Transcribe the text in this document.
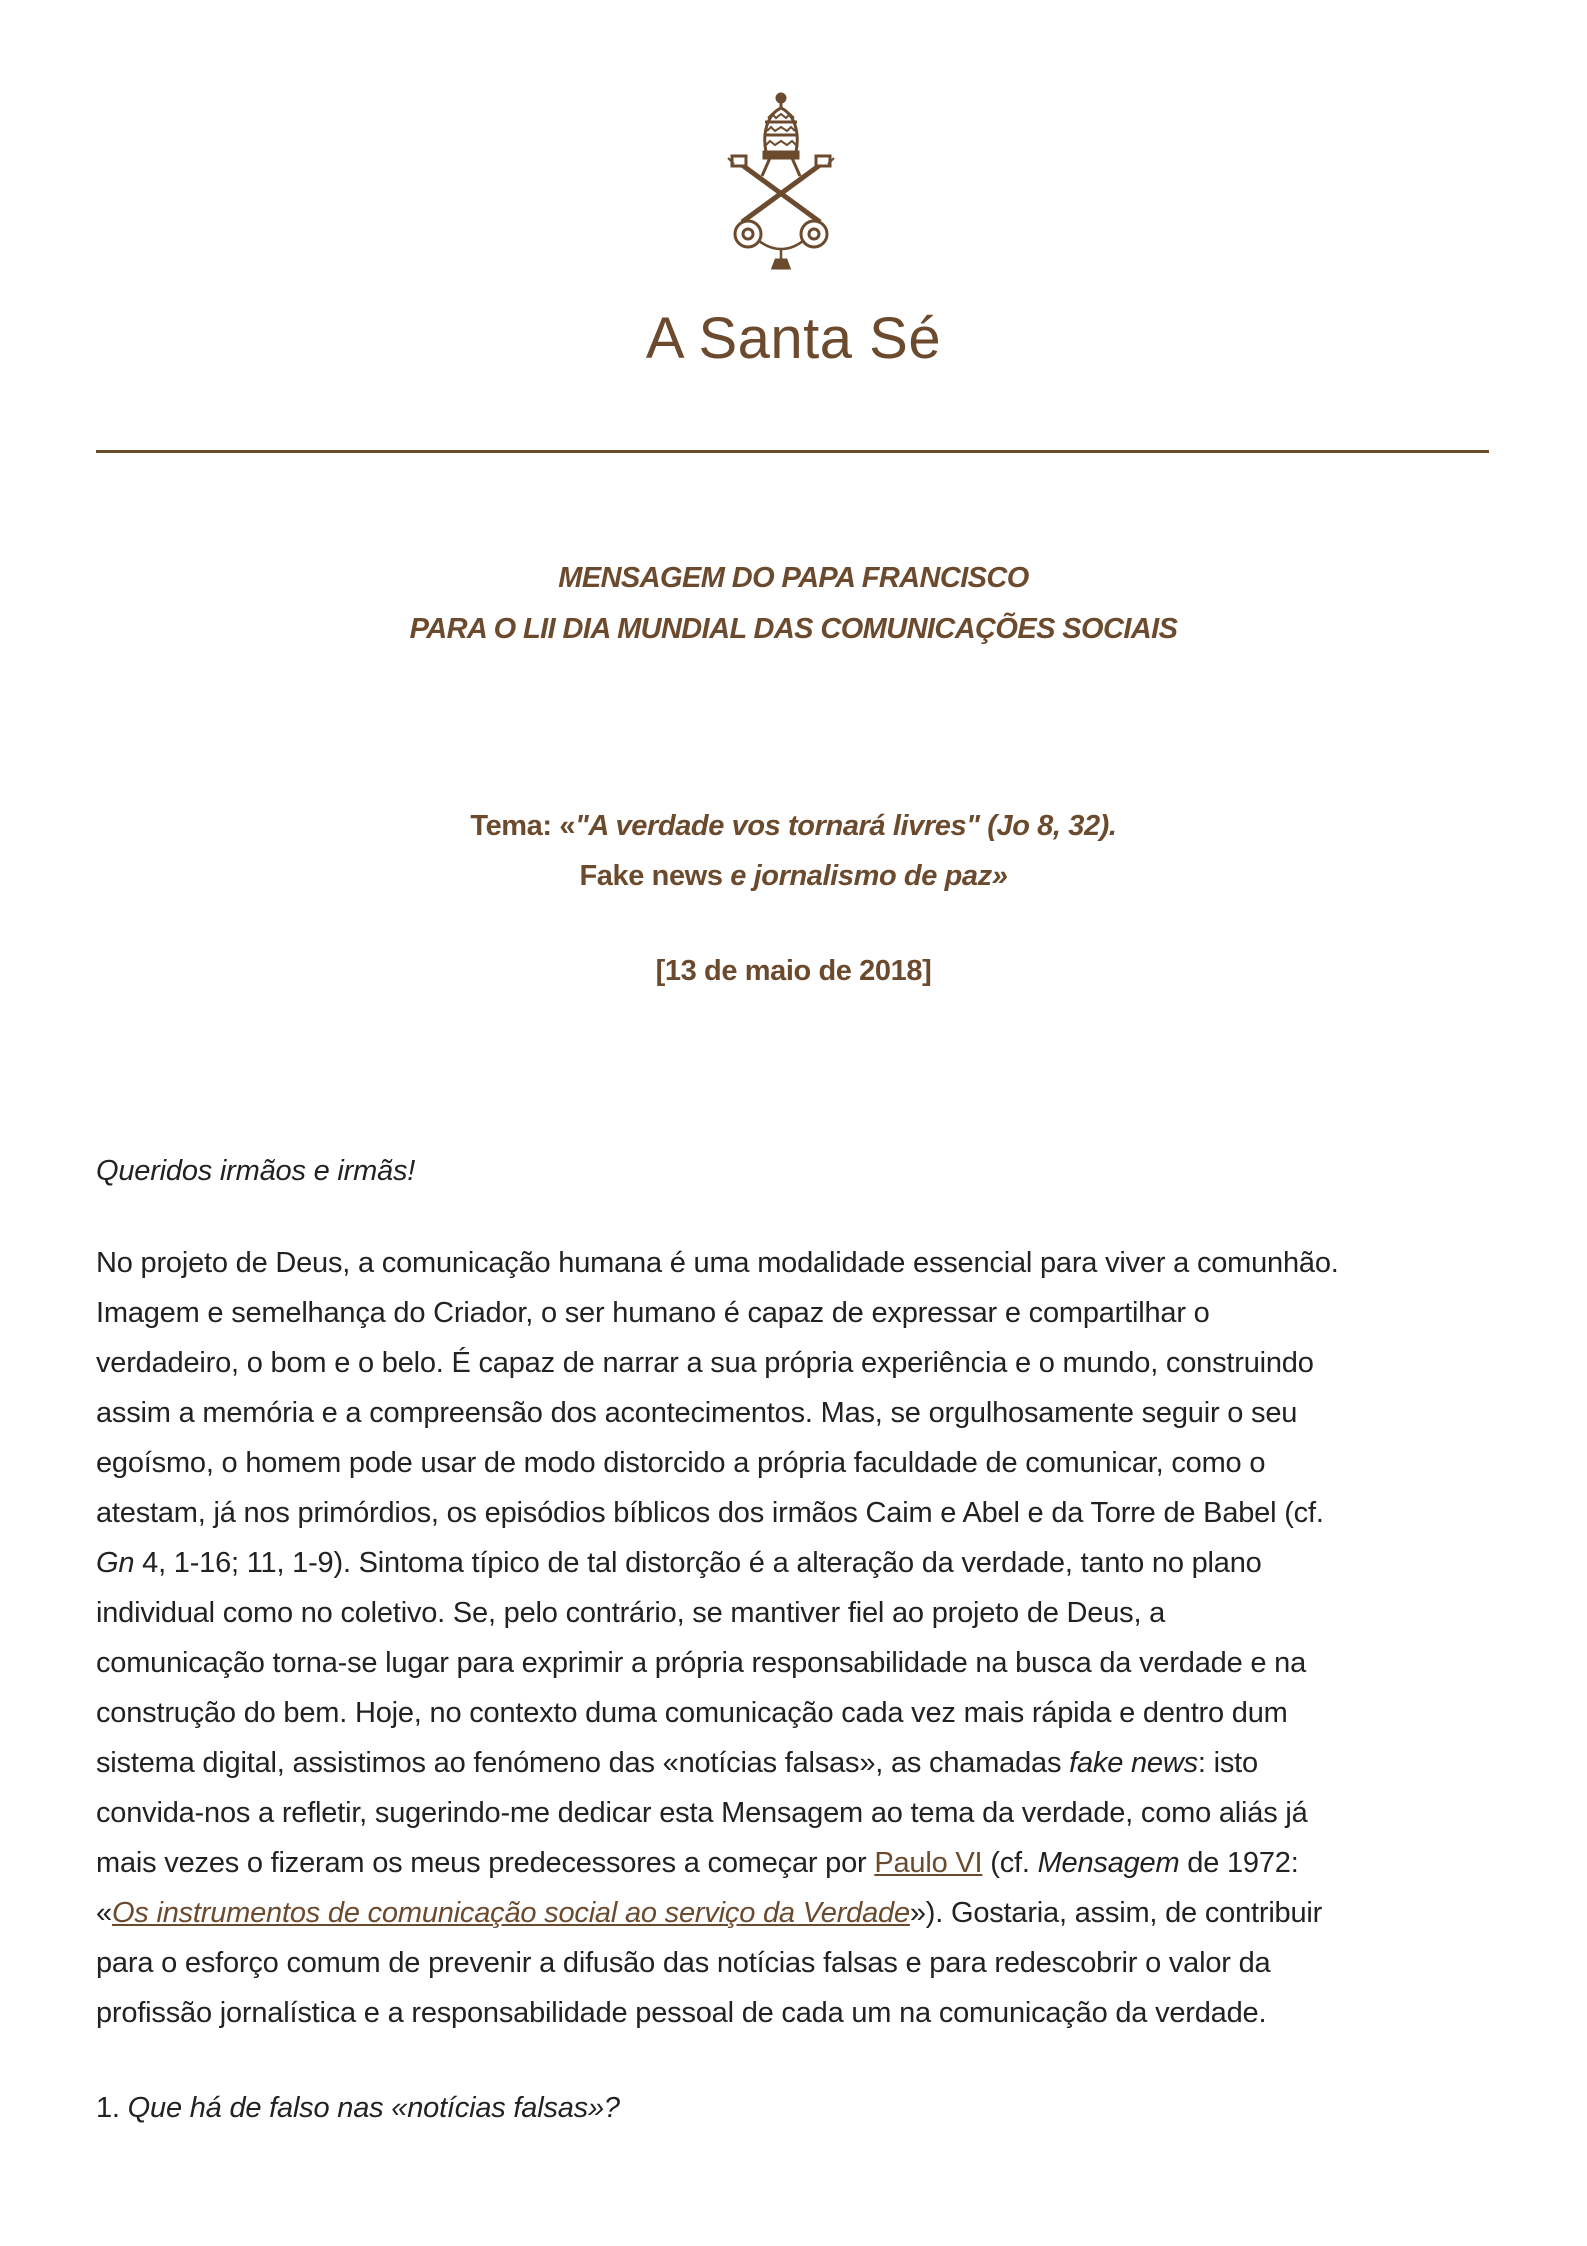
A Santa Sé
MENSAGEM DO PAPA FRANCISCO
PARA O LII DIA MUNDIAL DAS COMUNICAÇÕES SOCIAIS

Tema: «"A verdade vos tornará livres" (Jo 8, 32).

Fake news e jornalismo de paz»

[13 de maio de 2018]

Queridos irmãos e irmãs!

No projeto de Deus, a comunicação humana é uma modalidade essencial para viver a comunhão.
Imagem e semelhança do Criador, o ser humano é capaz de expressar e compartilhar o
verdadeiro, o bom e o belo. É capaz de narrar a sua própria experiência e o mundo, construindo
assim a memória e a compreensão dos acontecimentos. Mas, se orgulhosamente seguir o seu
egoísmo, o homem pode usar de modo distorcido a própria faculdade de comunicar, como o
atestam, já nos primórdios, os episódios bíblicos dos irmãos Caim e Abel e da Torre de Babel (cf.
Gn 4, 1-16; 11, 1-9). Sintoma típico de tal distorção é a alteração da verdade, tanto no plano
individual como no coletivo. Se, pelo contrário, se mantiver fiel ao projeto de Deus, a
comunicação torna-se lugar para exprimir a própria responsabilidade na busca da verdade e na
construção do bem. Hoje, no contexto duma comunicação cada vez mais rápida e dentro dum
sistema digital, assistimos ao fenómeno das «notícias falsas», as chamadas fake news: isto
convida-nos a refletir, sugerindo-me dedicar esta Mensagem ao tema da verdade, como aliás já
mais vezes o fizeram os meus predecessores a começar por Paulo VI (cf. Mensagem de 1972:
«Os instrumentos de comunicação social ao serviço da Verdade»). Gostaria, assim, de contribuir
para o esforço comum de prevenir a difusão das notícias falsas e para redescobrir o valor da
profissão jornalística e a responsabilidade pessoal de cada um na comunicação da verdade.

1. Que há de falso nas «notícias falsas»?
